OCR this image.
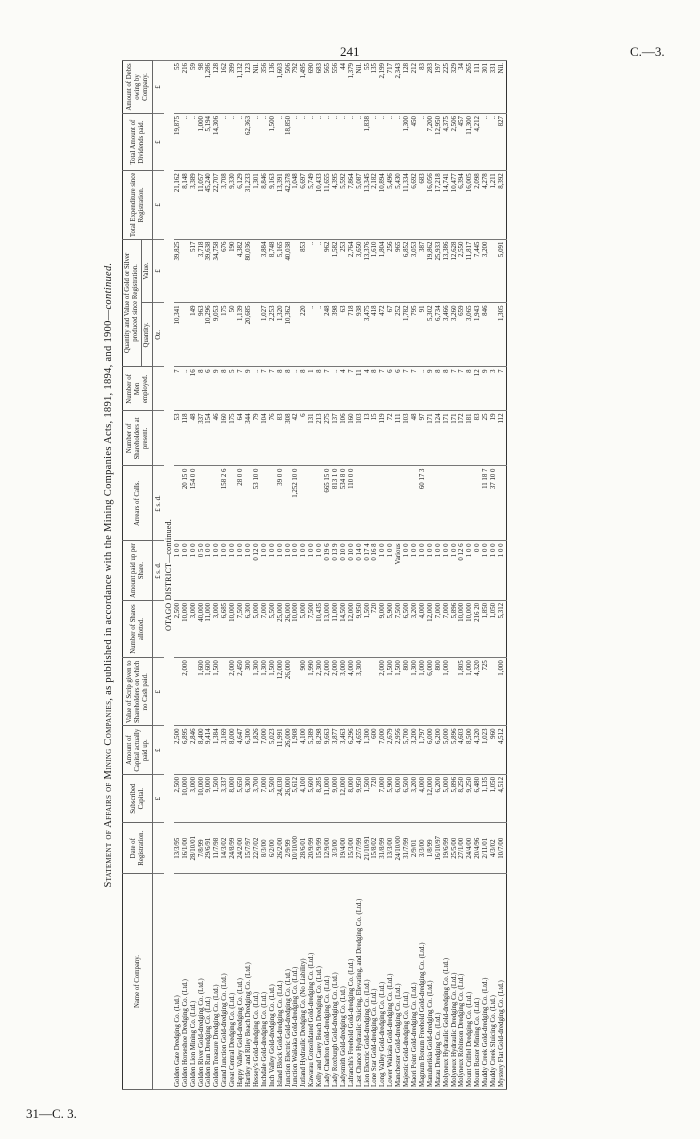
241	C.—3.
31—C. 3.
Statement of Affairs of Mining Companies, as published in accordance with the Mining Companies Acts, 1891, 1894, and 1900—continued.
Name of Company.	Date of Registration.	Subscribed Capital.	Amount of Capital actually paid up.	Value of Scrip given to Shareholders on which no Cash paid.	Number of Shares allotted.	Amount paid up per Share.	Arrears of Calls.	Number of Shareholders at present.	Number of Men employed.	Quantity and Value of Gold or Silver produced since Registration.		Total Expenditure since Registration.	Total Amount of Dividends paid.	Amount of Debts owing by Company.
										Quantity.	Value.			
		£	£	£		£ s. d.	£ s. d.			Oz.	£	£	£	£
OTAGO DISTRICT—continued.														
Golden Gate Dredging Co. (Ltd.)	13/3/95	2,500	2,500		2,500	1 0 0		53	7	10,341	39,825	21,162	19,875	55
Golden Horseshoe Dredging Co. (Ltd.)	16/1/00	10,000	6,895	2,000	10,000	1 0 0	20 15 0	118	..			8,148	..	216
Golden Lion Mining Co. (Ltd.)	28/10/01	3,000	2,846		3,000	1 0 0	154 0 0	48	16	149	517	3,389	..	59
Golden River Gold-dredging Co. (Ltd.)	7/8/99	10,000	8,400	1,600	40,000	0 5 0		337	8	963	3,718	11,057	1,000	98
Golden Run Dredging Co. (Ltd.)	29/6/91	9,000	9,414	1,600	11,000	1 0 0		154	6	10,296	39,638	45,240	5,194	1,286
Golden Treasure Dredging Co. (Ltd.)	11/7/98	1,500	1,384	1,500	3,000	1 0 0		46	9	9,053	34,758	22,707	14,306	128
Grand Junction Gold-dredging Co. (Ltd.)	14/3/02	3,337	3,169		6,685	1 0 0	158 2 6	160	8	175	676	3,708	..	162
Great Central Dredging Co. (Ltd.)	24/8/99	8,000	8,000	2,000	10,000	1 0 0		175	5	50	190	9,330	..	399
Happy Valley Gold-dredging Co. (Ltd.)	24/2/00	5,650	4,647	2,450	7,500	1 0 0	28 0 0	64	7	1,139	4,382	6,129	..	1,132
Hartley and Riley Beach Dredging Co. (Ltd.)	15/7/97	6,300	6,300	300	6,300	1 0 0		344	9	20,685	80,036	31,233	62,363	123
Hessey's Gold-dredging Co. (Ltd.)	22/7/02	3,700	1,826	1,300	5,000	0 12 0	53 10 0	79	..			1,301	..	Nil.
Inchdale Gold-dredging Co. (Ltd.)	8/3/00	7,000	7,000	1,300	7,000	1 0 0		104	7	1,027	3,884	8,846	..	356
Inch Valley Gold-dredging Co. (Ltd.)	6/2/00	5,500	5,023	1,500	5,500	1 0 0		76	7	2,253	8,748	9,163	1,500	136
Island Block Gold-dredging Co. (Ltd.)	26/2/00	24,030	11,991	12,000	25,000	1 0 0	39 0 0	83	8	1,320	5,165	13,391	..	1,603
Junction Electric Gold-dredging Co. (Ltd.)	2/9/99	26,000	26,000	26,000	26,000	1 0 0		308	8	10,362	40,038	42,378	18,850	506
Junction Waikaka Gold-dredging Co. (Ltd.)	10/10/00	5,612	1,908		10,000	1 0 0	1,252 10 0	42	..			1,048	..	792
Jutland Hydraulic Dredging Co. (No Liability)	28/6/01	4,100	4,100	900	5,000	1 0 0		6	8	220	853	6,697	..	1,495
Kawarau Consolidated Gold-dredging Co. (Ltd.)	20/9/99	5,600	5,389	1,990	7,500	1 0 0		131	1	..	..	5,749	..	690
Kelly and Carey Beach Dredging Co. (Ltd.)	15/9/99	8,285	8,298	2,300	10,435	1 0 0		213	8	..	..	10,433	..	683
Lady Charlton Gold-dredging Co. (Ltd.)	12/9/00	11,000	9,663	2,000	13,000	0 19 6	665 15 0	275	7	248	962	11,655	..	565
Lady Roxburgh Gold-dredging Co. (Ltd.)	3/3/00	9,000	3,877	2,000	11,000	0 13 9	813 1 0	137	..	398	1,582	4,395	..	556
Ladysmith Gold-dredging Co. (Ltd.)	19/4/00	12,000	3,463	3,000	14,500	0 10 0	534 8 0	106	4	63	253	5,592	..	44
Lafranchi's Freehold Gold-dredging Co. (Ltd.)	15/3/00	8,000	6,296	4,000	12,000	0 10 0	110 0 0	160	7	718	2,764	7,864	..	1,379
Last Chance Hydraulic Sluicing, Elevating, and Dredging Co. (Ltd.)	27/7/99	9,950	4,655	3,300	9,950	0 14 0		103	11	938	3,650	5,087	..	Nil.
Lion Electric Gold-dredging Co. (Ltd.)	21/10/91	1,500	1,300		1,500	0 17 4		13	4	3,475	13,376	13,345	1,838	55
Lone Star Gold-dredging Co. (Ltd.)	15/8/02	720	600		720	0 16 8		15	8	418	1,610	2,182	..	135
Long Valley Gold-dredging Co. (Ltd.)	31/8/99	7,000	7,000	2,000	9,000	1 0 0		119	7	472	1,804	10,894	..	2,199
Lower Waikaia Gold-dredging Co. (Ltd.)	13/3/00	5,900	2,679	1,500	5,900	1 0 0		72	6	67	256	5,496	..	717
Manchester Gold-dredging Co. (Ltd.)	24/10/00	6,000	2,956	1,500	7,500	Various		111	6	252	965	5,430	..	2,343
Majestic Gold-dredging Co. (Ltd.)	31/7/99	6,500	5,700	800	6,500	1 0 0		103	7	1,782	6,852	11,334	1,300	128
Maori Point Gold-dredging Co. (Ltd.)	2/9/01	3,200	3,200	1,300	3,200	1 0 0		48	7	795	3,053	6,692	450	212
Magnum Bonum Freehold Gold-dredging Co. (Ltd.)	3/3/00	4,000	1,797	1,000	4,000	1 0 0	60 17 3	97	..	91	387	683	..	83
Manuherikia Gold-dredging Co. (Ltd.)	1/8/99	12,000	6,000	6,000	12,000	1 0 0		171	9	5,302	19,862	16,056	7,200	283
Matau Dredging Co. (Ltd.)	16/10/97	6,200	6,200	800	7,000	1 0 0		124	8	6,734	25,933	17,218	12,950	197
Molyneux Hydraulic Gold-dredging Co. (Ltd.)	19/6/99	5,000	5,000	1,000	7,000	1 0 0		171	8	3,466	13,386	14,741	4,375	225
Molyneux Hydraulic Dredging Co. (Ltd.)	25/5/00	5,896	5,896		5,896	1 0 0		171	7	3,260	12,628	10,477	2,506	329
Molyneux Robinson Dredging Co. (Ltd.)	27/1/00	8,250	4,603	1,805	10,000	0 12 6		172	7	659	2,550	6,394	457	34
Mount Criffel Dredging Co. (Ltd.)	24/4/00	9,250	8,500	1,000	10,000	1 0 0		181	8	3,065	11,817	16,005	11,300	265
Mount Buster Mining Co. (Ltd.)	20/4/96	6,480	4,320	4,320	216 20	0 0		83	12	1,943	7,445	2,098	4,212	111
Muddy Creek Gold-dredging Co. (Ltd.)	2/11/01	1,135	1,023	725	1,850	1 0 0	11 18 7	25	9	846	3,200	4,278	..	301
Muddy Creek Sluicing Co. (Ltd.)	4/3/02	1,050	960		1,050	1 0 0	37 10 0	19	3			1,211	..	331
Mystery Flat Gold-dredging Co. (Ltd.)	10/7/00	4,512	4,512	1,000	5,312	1 0 0		112	7	1,305	5,091	8,392	827	Nil.
